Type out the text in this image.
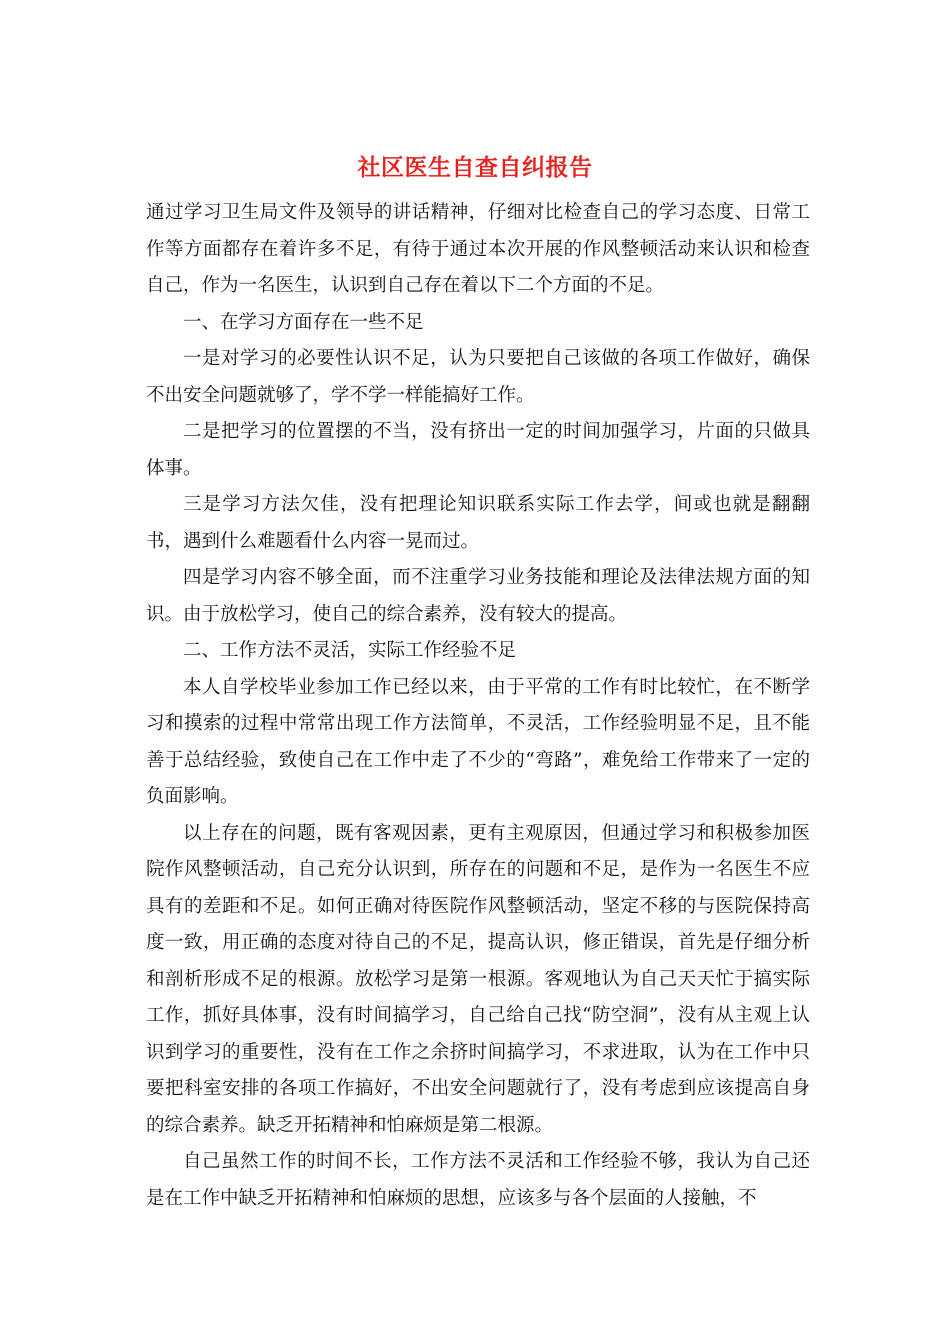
社区医生自查自纠报告

通过学习卫生局文件及领导的讲话精神，仔细对比检查自己的学习态度、日常工作等方面都存在着许多不足，有待于通过本次开展的作风整顿活动来认识和检查自己，作为一名医生，认识到自己存在着以下二个方面的不足。

一、在学习方面存在一些不足

一是对学习的必要性认识不足，认为只要把自己该做的各项工作做好，确保不出安全问题就够了，学不学一样能搞好工作。

二是把学习的位置摆的不当，没有挤出一定的时间加强学习，片面的只做具体事。

三是学习方法欠佳，没有把理论知识联系实际工作去学，间或也就是翻翻书，遇到什么难题看什么内容一晃而过。

四是学习内容不够全面，而不注重学习业务技能和理论及法律法规方面的知识。由于放松学习，使自己的综合素养，没有较大的提高。

二、工作方法不灵活，实际工作经验不足

本人自学校毕业参加工作已经以来，由于平常的工作有时比较忙，在不断学习和摸索的过程中常常出现工作方法简单，不灵活，工作经验明显不足，且不能善于总结经验，致使自己在工作中走了不少的“弯路”，难免给工作带来了一定的负面影响。

以上存在的问题，既有客观因素，更有主观原因，但通过学习和积极参加医院作风整顿活动，自己充分认识到，所存在的问题和不足，是作为一名医生不应具有的差距和不足。如何正确对待医院作风整顿活动，坚定不移的与医院保持高度一致，用正确的态度对待自己的不足，提高认识，修正错误，首先是仔细分析和剖析形成不足的根源。放松学习是第一根源。客观地认为自己天天忙于搞实际工作，抓好具体事，没有时间搞学习，自己给自己找“防空洞”，没有从主观上认识到学习的重要性，没有在工作之余挤时间搞学习，不求进取，认为在工作中只要把科室安排的各项工作搞好，不出安全问题就行了，没有考虑到应该提高自身的综合素养。缺乏开拓精神和怕麻烦是第二根源。

自己虽然工作的时间不长，工作方法不灵活和工作经验不够，我认为自己还是在工作中缺乏开拓精神和怕麻烦的思想，应该多与各个层面的人接触，不
